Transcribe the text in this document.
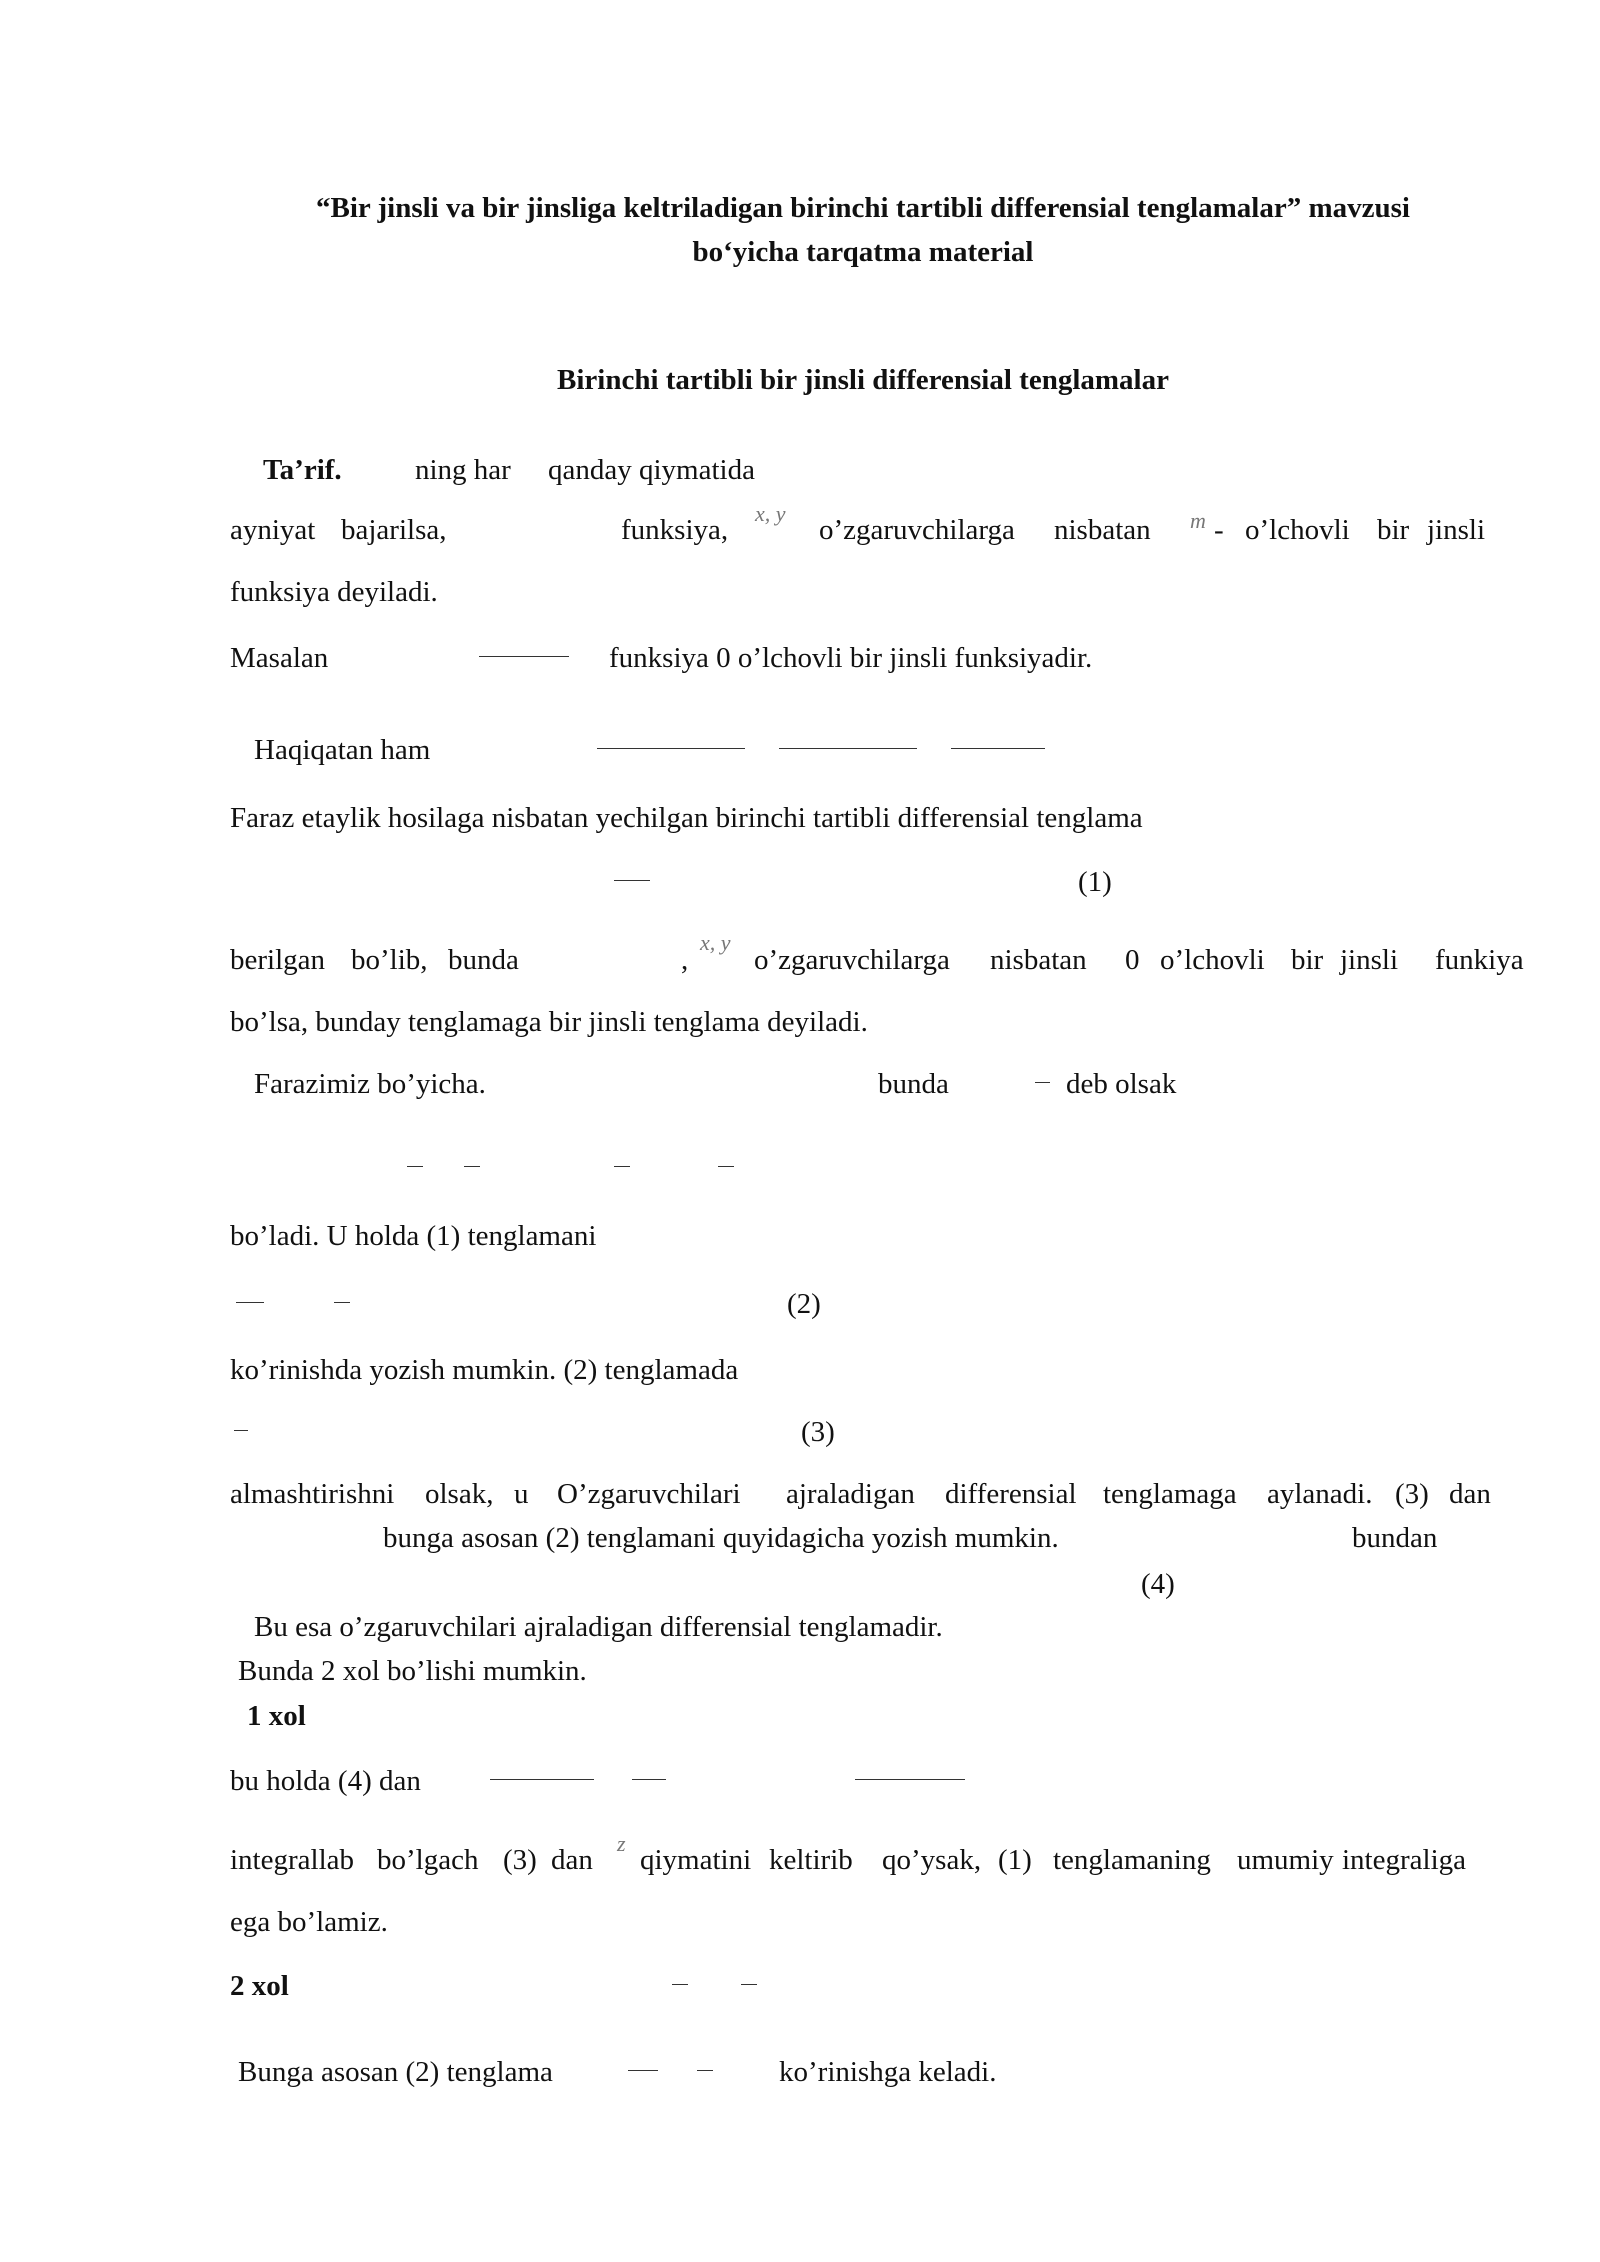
“Bir jinsli va bir jinsliga keltriladigan birinchi tartibli differensial tenglamalar” mavzusi
bo‘yicha tarqatma material
Birinchi tartibli bir jinsli differensial tenglamalar
Ta’rif.	ning har qanday qiymatida
ayniyat bajarilsa,	funksiya,
x, y
o’zgaruvchilarga nisbatan m - o’lchovli bir jinsli
funksiya deyiladi.
Masalan	funksiya 0 o’lchovli bir jinsli funksiyadir.
Haqiqatan ham
Faraz etaylik hosilaga nisbatan yechilgan birinchi tartibli differensial tenglama
(1)
berilgan bo’lib, bunda	,
x, y
o’zgaruvchilarga nisbatan 0 o’lchovli bir jinsli funkiya
bo’lsa, bunday tenglamaga bir jinsli tenglama deyiladi.
Farazimiz bo’yicha.	bunda	deb olsak
bo’ladi. U holda (1) tenglamani
(2)
ko’rinishda yozish mumkin. (2) tenglamada
(3)
almashtirishni olsak, u O’zgaruvchilari ajraladigan differensial tenglamaga aylanadi. (3) dan
bunga asosan (2) tenglamani quyidagicha yozish mumkin.	bundan
(4)
Bu esa o’zgaruvchilari ajraladigan differensial tenglamadir.
Bunda 2 xol bo’lishi mumkin.
1 xol
bu holda (4) dan
integrallab bo’lgach (3) dan
z
qiymatini keltirib qo’ysak, (1) tenglamaning umumiy integraliga
ega bo’lamiz.
2 xol
Bunga asosan (2) tenglama	ko’rinishga keladi.
